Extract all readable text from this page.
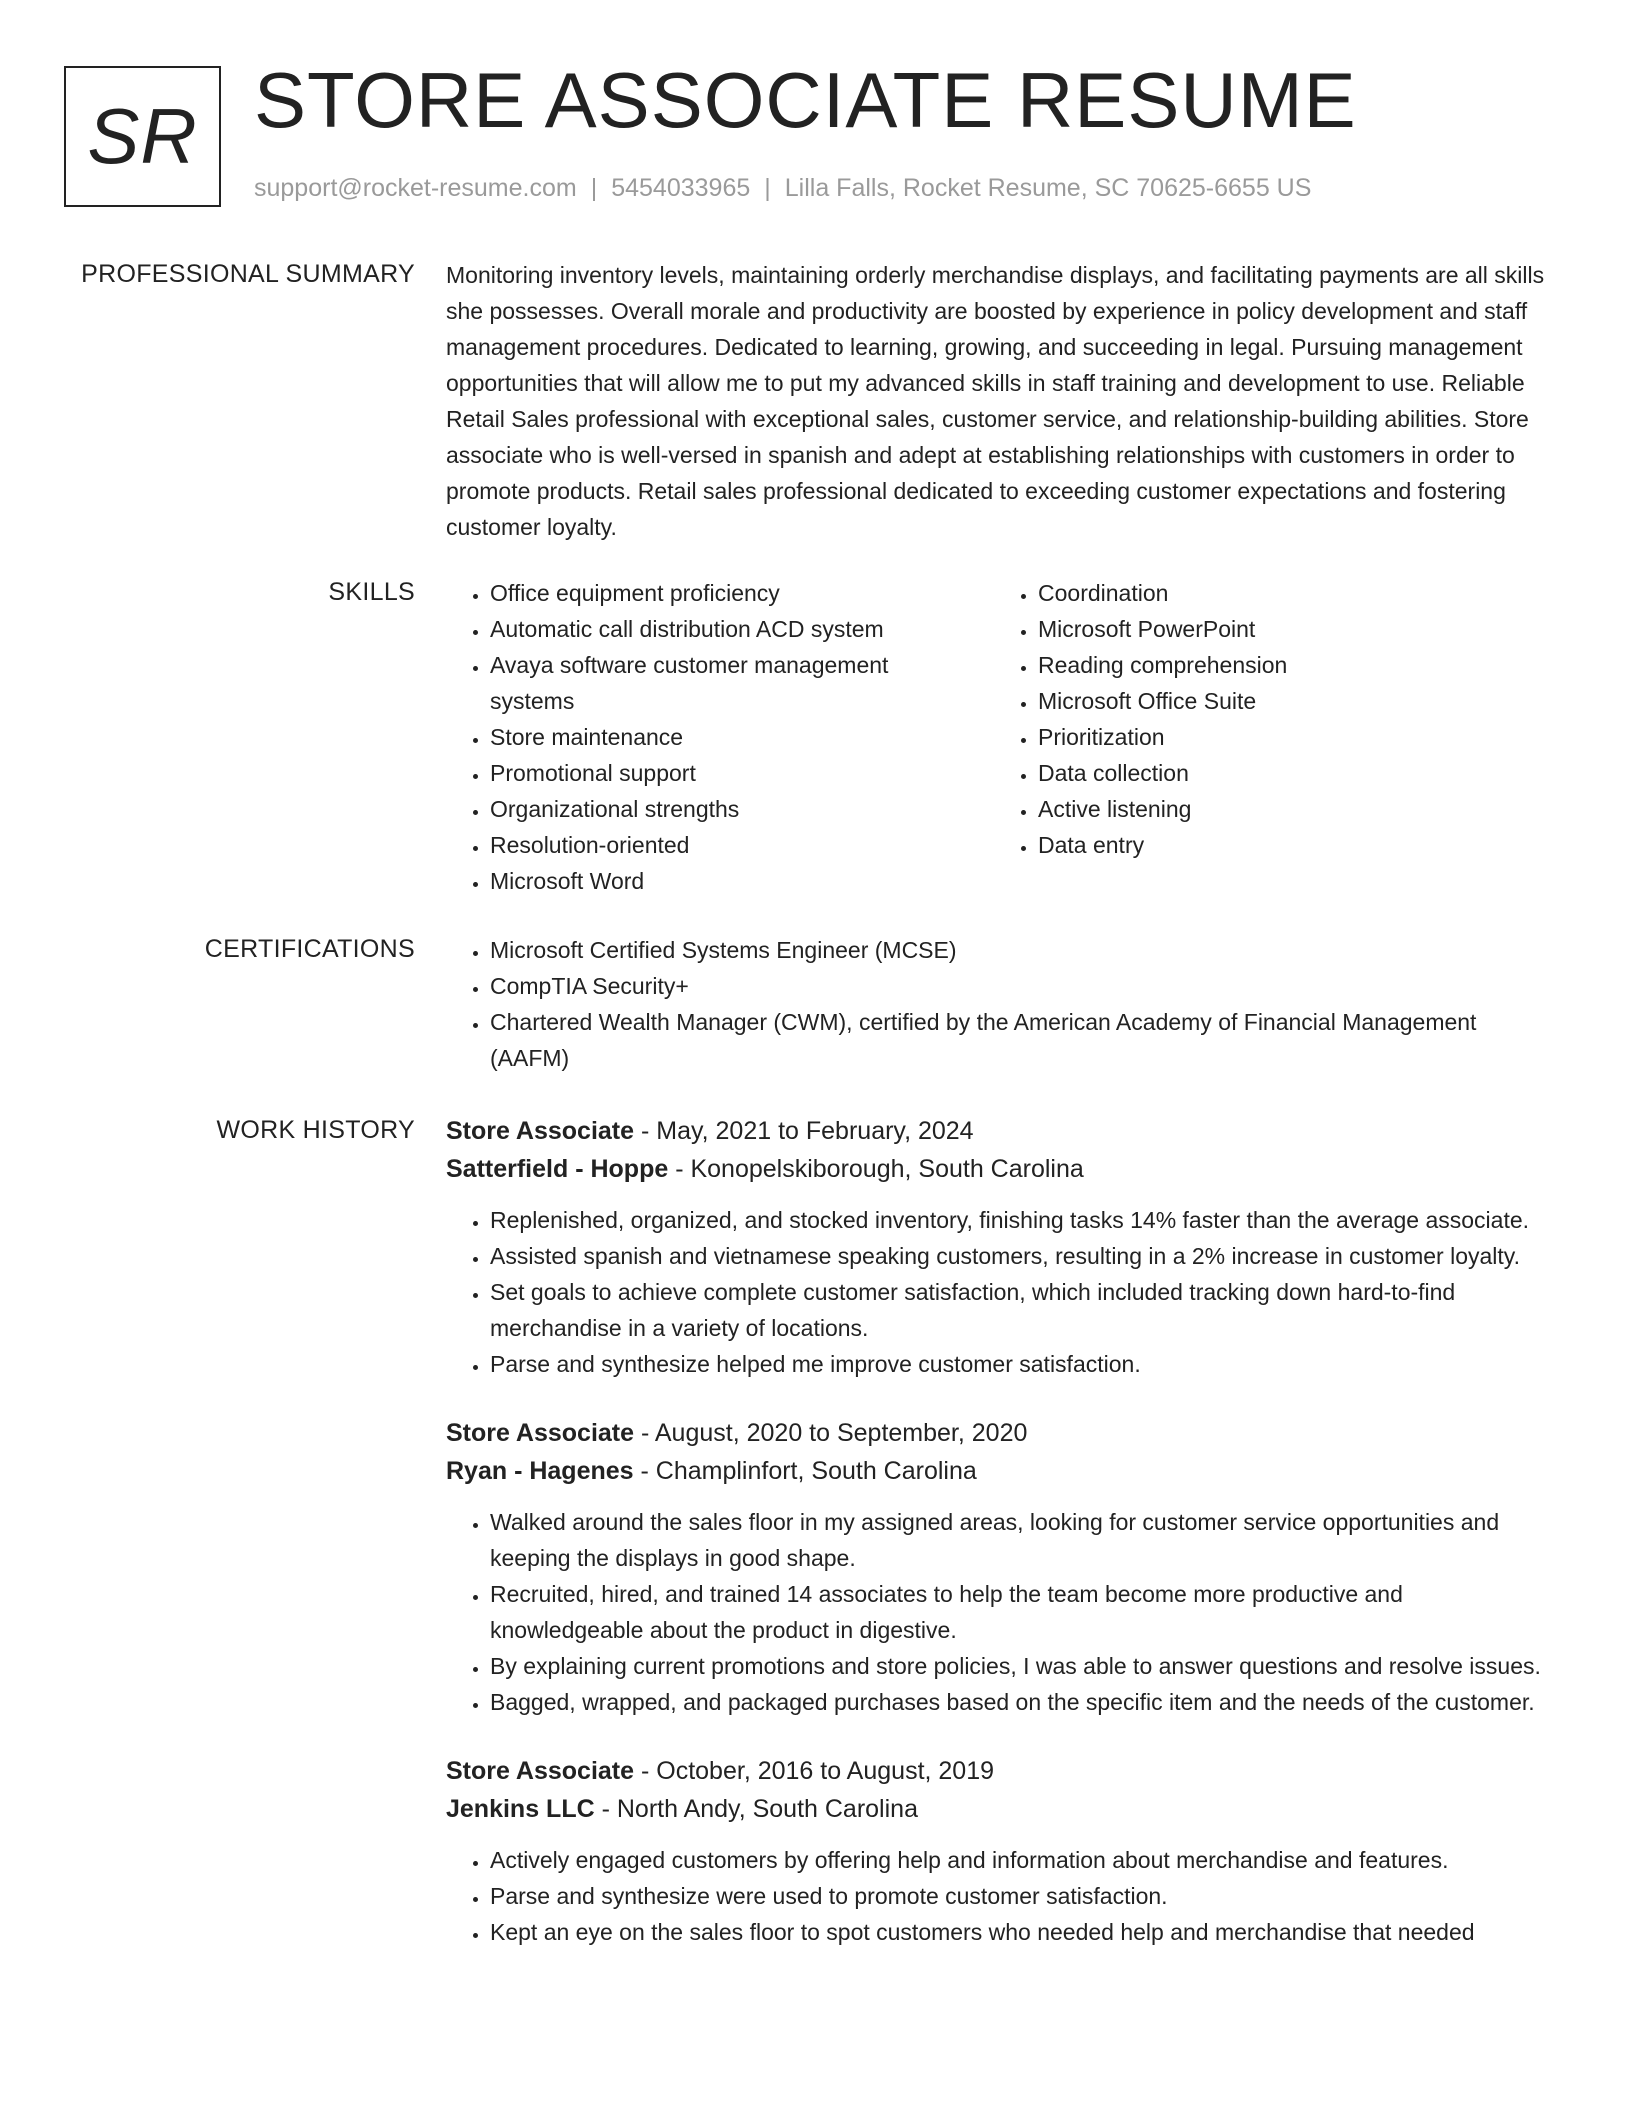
SR STORE ASSOCIATE RESUME
support@rocket-resume.com | 5454033965 | Lilla Falls, Rocket Resume, SC 70625-6655 US
PROFESSIONAL SUMMARY Monitoring inventory levels, maintaining orderly merchandise displays, and facilitating payments are all skills she possesses. Overall morale and productivity are boosted by experience in policy development and staff management procedures. Dedicated to learning, growing, and succeeding in legal. Pursuing management opportunities that will allow me to put my advanced skills in staff training and development to use. Reliable Retail Sales professional with exceptional sales, customer service, and relationship-building abilities. Store associate who is well-versed in spanish and adept at establishing relationships with customers in order to promote products. Retail sales professional dedicated to exceeding customer expectations and fostering customer loyalty.

SKILLS	• Office equipment proficiency
• Automatic call distribution ACD system
• Avaya software customer management systems
• Store maintenance
• Promotional support
• Organizational strengths
• Resolution-oriented
• Microsoft Word
• Coordination
• Microsoft PowerPoint
• Reading comprehension
• Microsoft Office Suite
• Prioritization
• Data collection
• Active listening
• Data entry
CERTIFICATIONS	• Microsoft Certified Systems Engineer (MCSE)
• CompTIA Security+
• Chartered Wealth Manager (CWM), certified by the American Academy of Financial Management (AAFM)
WORK HISTORY Store Associate - May, 2021 to February, 2024
Satterfield - Hoppe - Konopelskiborough, South Carolina
• Replenished, organized, and stocked inventory, finishing tasks 14% faster than the average associate.
• Assisted spanish and vietnamese speaking customers, resulting in a 2% increase in customer loyalty.
• Set goals to achieve complete customer satisfaction, which included tracking down hard-to-find merchandise in a variety of locations.
• Parse and synthesize helped me improve customer satisfaction.
Store Associate - August, 2020 to September, 2020
Ryan - Hagenes - Champlinfort, South Carolina
• Walked around the sales floor in my assigned areas, looking for customer service opportunities and keeping the displays in good shape.
• Recruited, hired, and trained 14 associates to help the team become more productive and knowledgeable about the product in digestive.
• By explaining current promotions and store policies, I was able to answer questions and resolve issues.
• Bagged, wrapped, and packaged purchases based on the specific item and the needs of the customer.
Store Associate - October, 2016 to August, 2019
Jenkins LLC - North Andy, South Carolina
• Actively engaged customers by offering help and information about merchandise and features.
• Parse and synthesize were used to promote customer satisfaction.
• Kept an eye on the sales floor to spot customers who needed help and merchandise that needed
